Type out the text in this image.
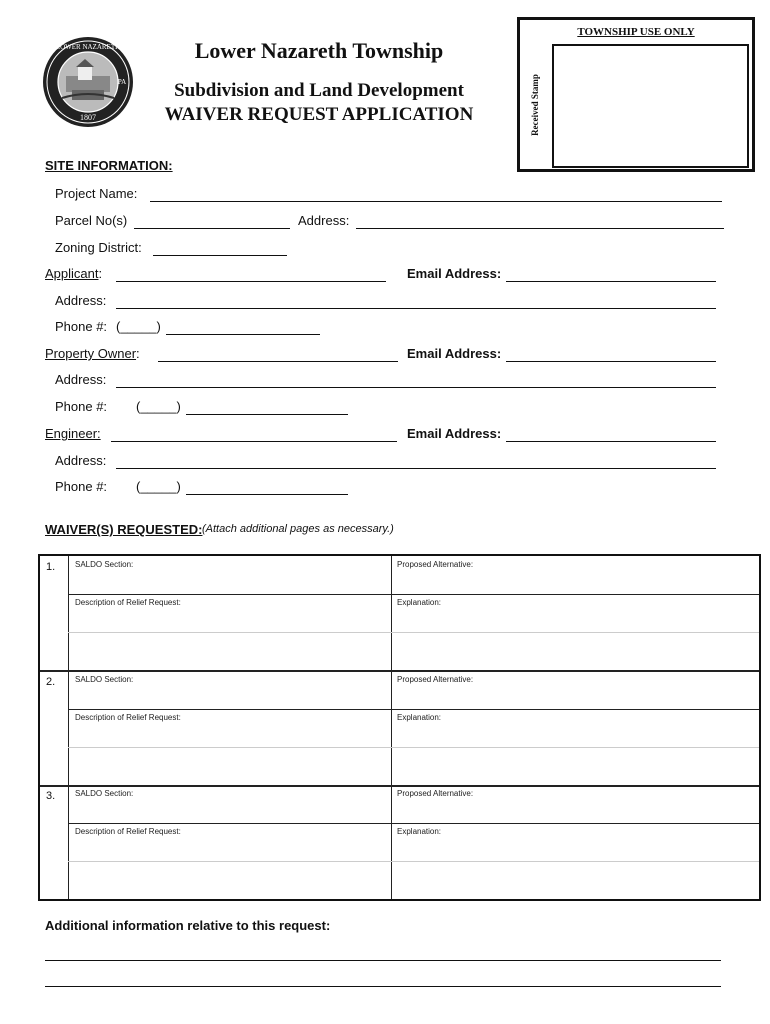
LOWER NAZARETH
PA
1807
Lower Nazareth Township
Subdivision and Land Development
WAIVER REQUEST APPLICATION
TOWNSHIP USE ONLY
Received Stamp
SITE INFORMATION:
Project Name:
Parcel No(s)	Address:
Zoning District:
Applicant:	Email Address:
Address:
Phone #: (_____)
Property Owner:	Email Address:
Address:
Phone #: (_____)
Engineer:	Email Address:
Address:
Phone #: (_____)
WAIVER(S) REQUESTED: (Attach additional pages as necessary.)
1. SALDO Section:	Proposed Alternative:
Description of Relief Request:	Explanation:
2. SALDO Section:	Proposed Alternative:
Description of Relief Request:	Explanation:
3. SALDO Section:	Proposed Alternative:
Description of Relief Request:	Explanation:
Additional information relative to this request:
